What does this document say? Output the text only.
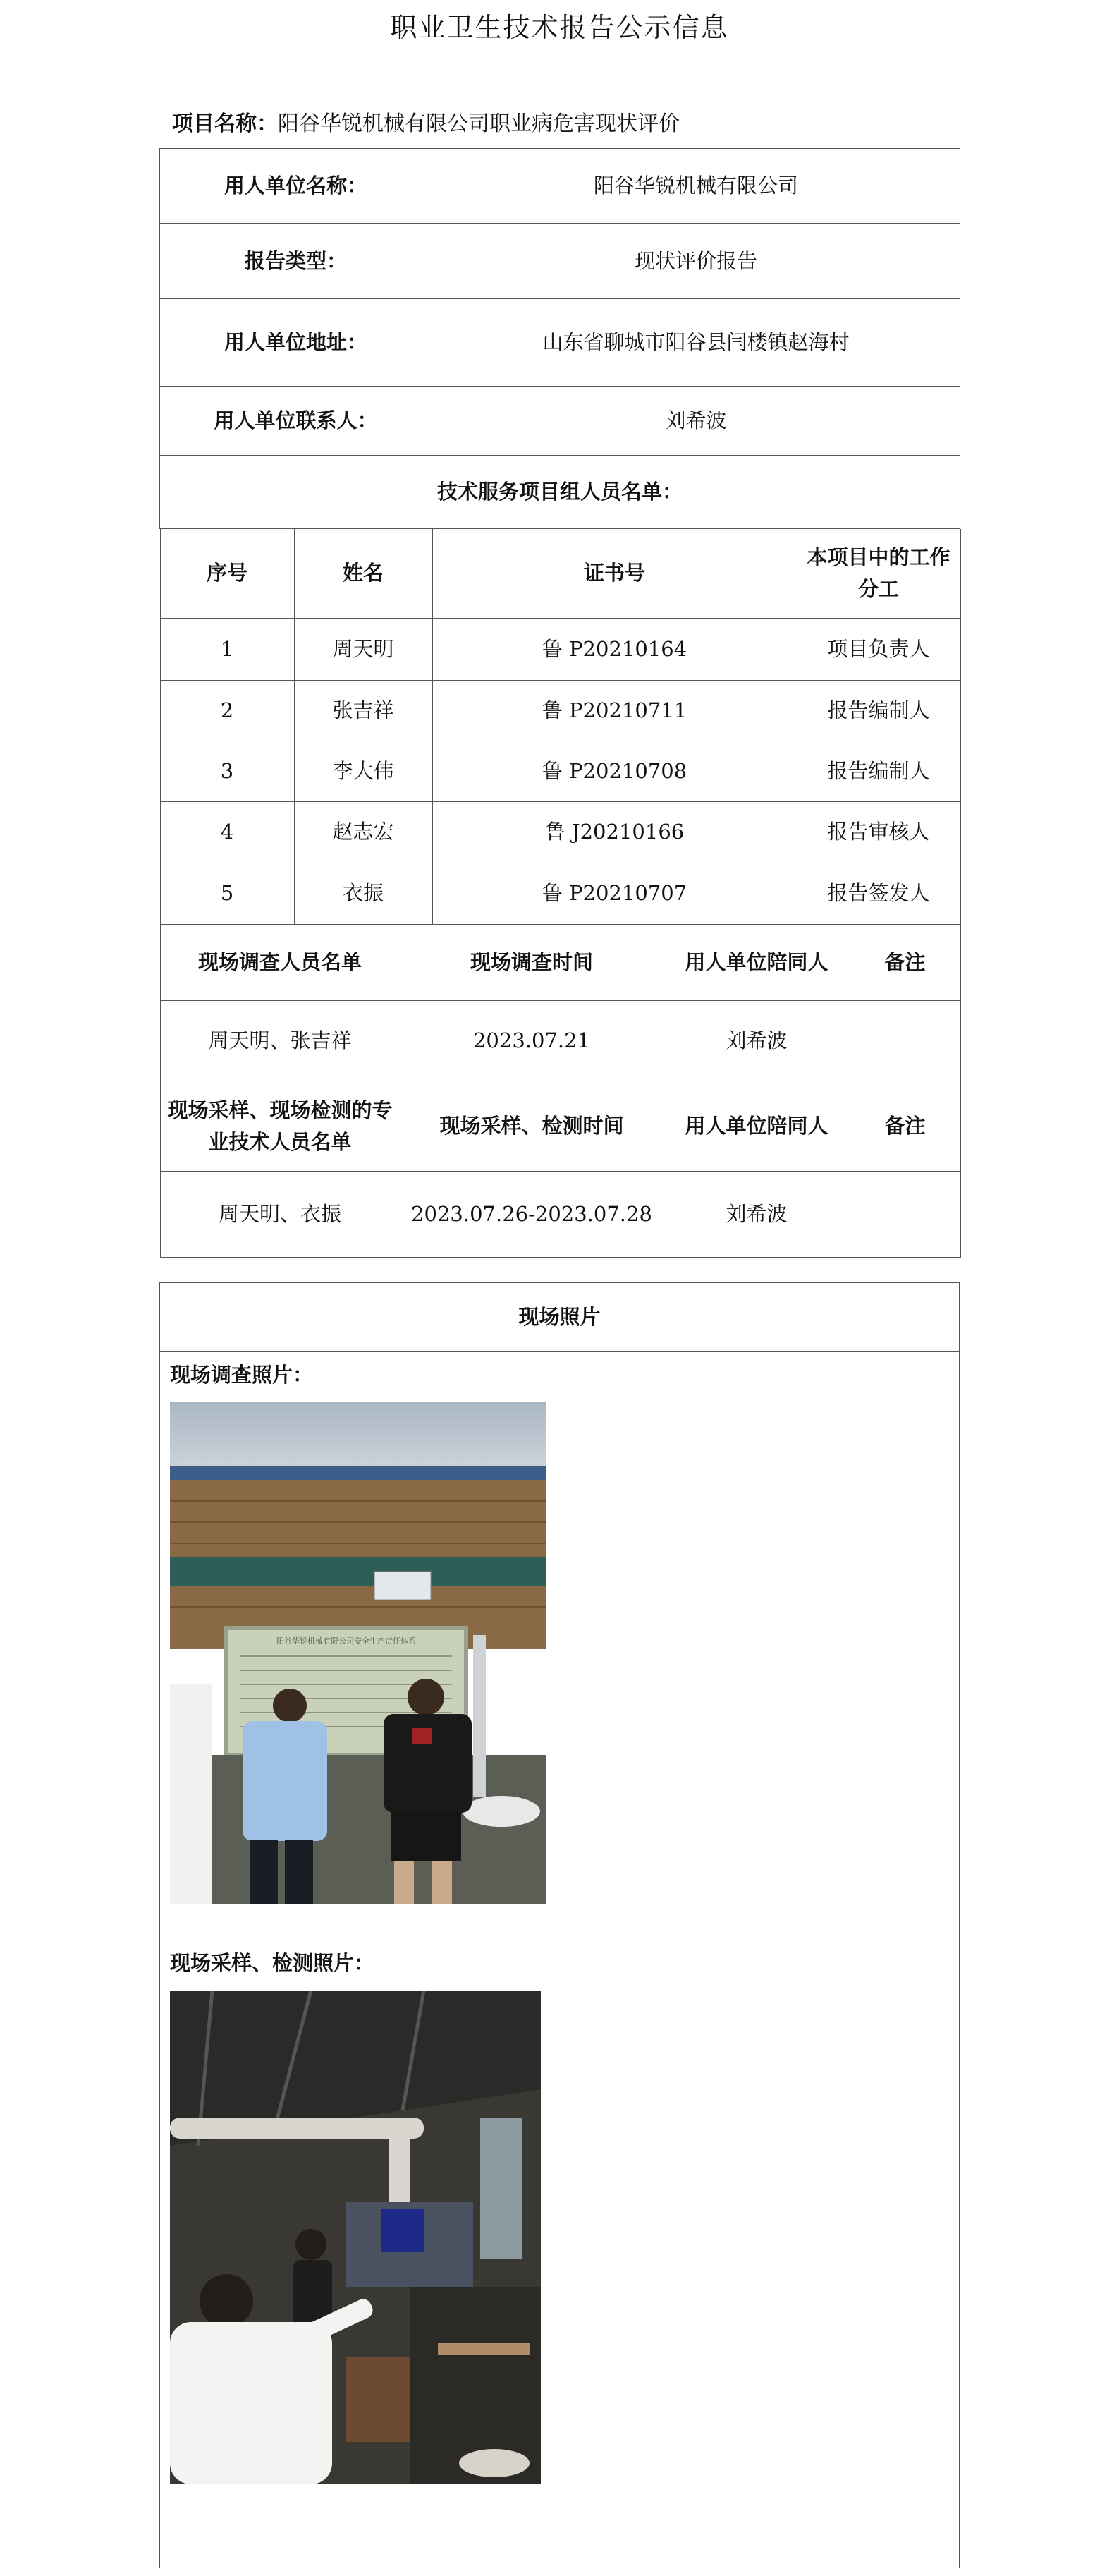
职业卫生技术报告公示信息
项目名称：阳谷华锐机械有限公司职业病危害现状评价
用人单位名称：	阳谷华锐机械有限公司
报告类型：	现状评价报告
用人单位地址：	山东省聊城市阳谷县闫楼镇赵海村
用人单位联系人：	刘希波
技术服务项目组人员名单：

序号	姓名	证书号	本项目中的工作分工
1	周天明	鲁 P20210164	项目负责人
2	张吉祥	鲁 P20210711	报告编制人
3	李大伟	鲁 P20210708	报告编制人
4	赵志宏	鲁 J20210166	报告审核人
5	衣振	鲁 P20210707	报告签发人

现场调查人员名单	现场调查时间	用人单位陪同人	备注
周天明、张吉祥	2023.07.21	刘希波	
现场采样、现场检测的专业技术人员名单	现场采样、检测时间	用人单位陪同人	备注
周天明、衣振	2023.07.26-2023.07.28	刘希波	
现场照片

现场调查照片：
阳谷华锐机械有限公司安全生产责任体系

现场采样、检测照片：
